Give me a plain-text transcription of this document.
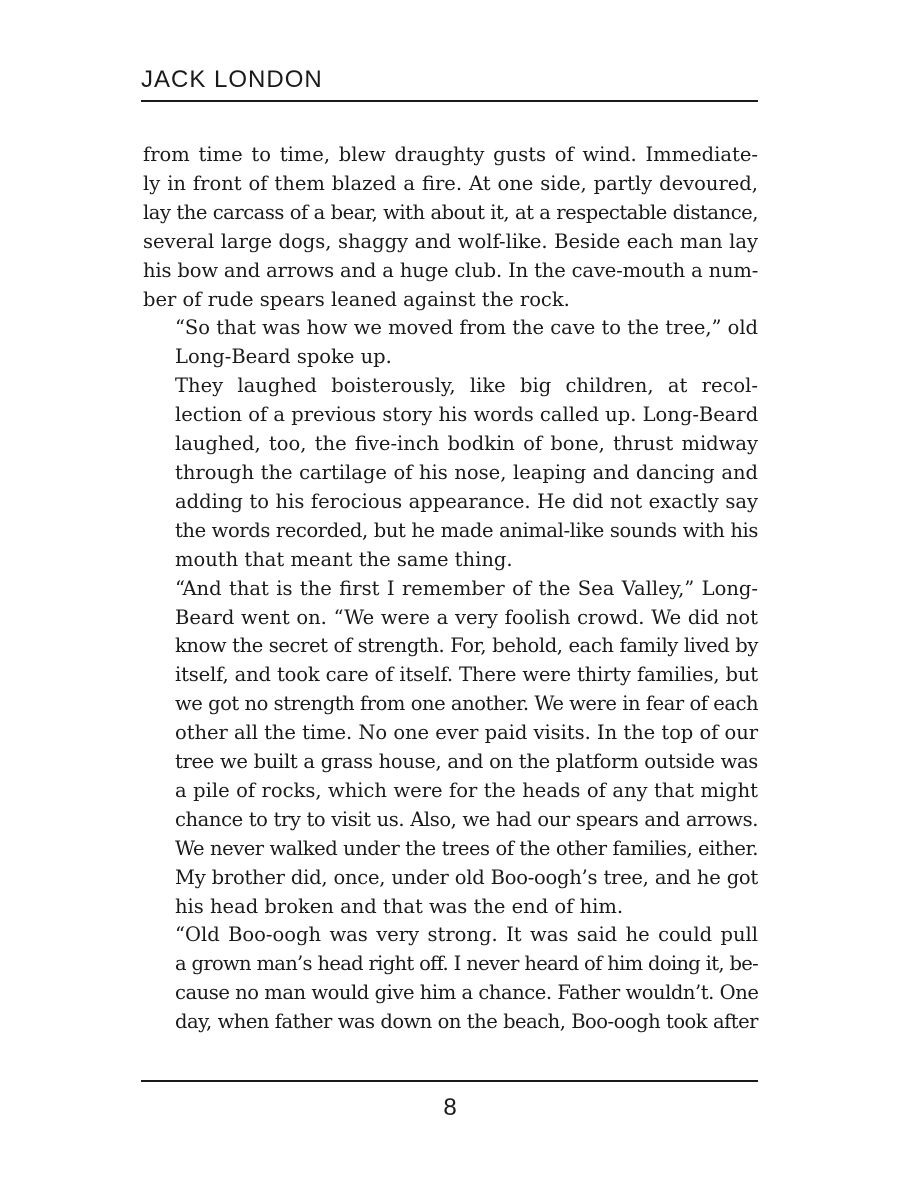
JACK LONDON

from time to time, blew draughty gusts of wind. Immediate-
ly in front of them blazed a fire. At one side, partly devoured,
lay the carcass of a bear, with about it, at a respectable distance,
several large dogs, shaggy and wolf-like. Beside each man lay
his bow and arrows and a huge club. In the cave-mouth a num-
ber of rude spears leaned against the rock.

“So that was how we moved from the cave to the tree,” old
Long-Beard spoke up.

They laughed boisterously, like big children, at recol-
lection of a previous story his words called up. Long-Beard
laughed, too, the five-inch bodkin of bone, thrust midway
through the cartilage of his nose, leaping and dancing and
adding to his ferocious appearance. He did not exactly say
the words recorded, but he made animal-like sounds with his
mouth that meant the same thing.

“And that is the first I remember of the Sea Valley,” Long-
Beard went on. “We were a very foolish crowd. We did not
know the secret of strength. For, behold, each family lived by
itself, and took care of itself. There were thirty families, but
we got no strength from one another. We were in fear of each
other all the time. No one ever paid visits. In the top of our
tree we built a grass house, and on the platform outside was
a pile of rocks, which were for the heads of any that might
chance to try to visit us. Also, we had our spears and arrows.
We never walked under the trees of the other families, either.
My brother did, once, under old Boo-oogh’s tree, and he got
his head broken and that was the end of him.

“Old Boo-oogh was very strong. It was said he could pull
a grown man’s head right off. I never heard of him doing it, be-
cause no man would give him a chance. Father wouldn’t. One
day, when father was down on the beach, Boo-oogh took after

8
